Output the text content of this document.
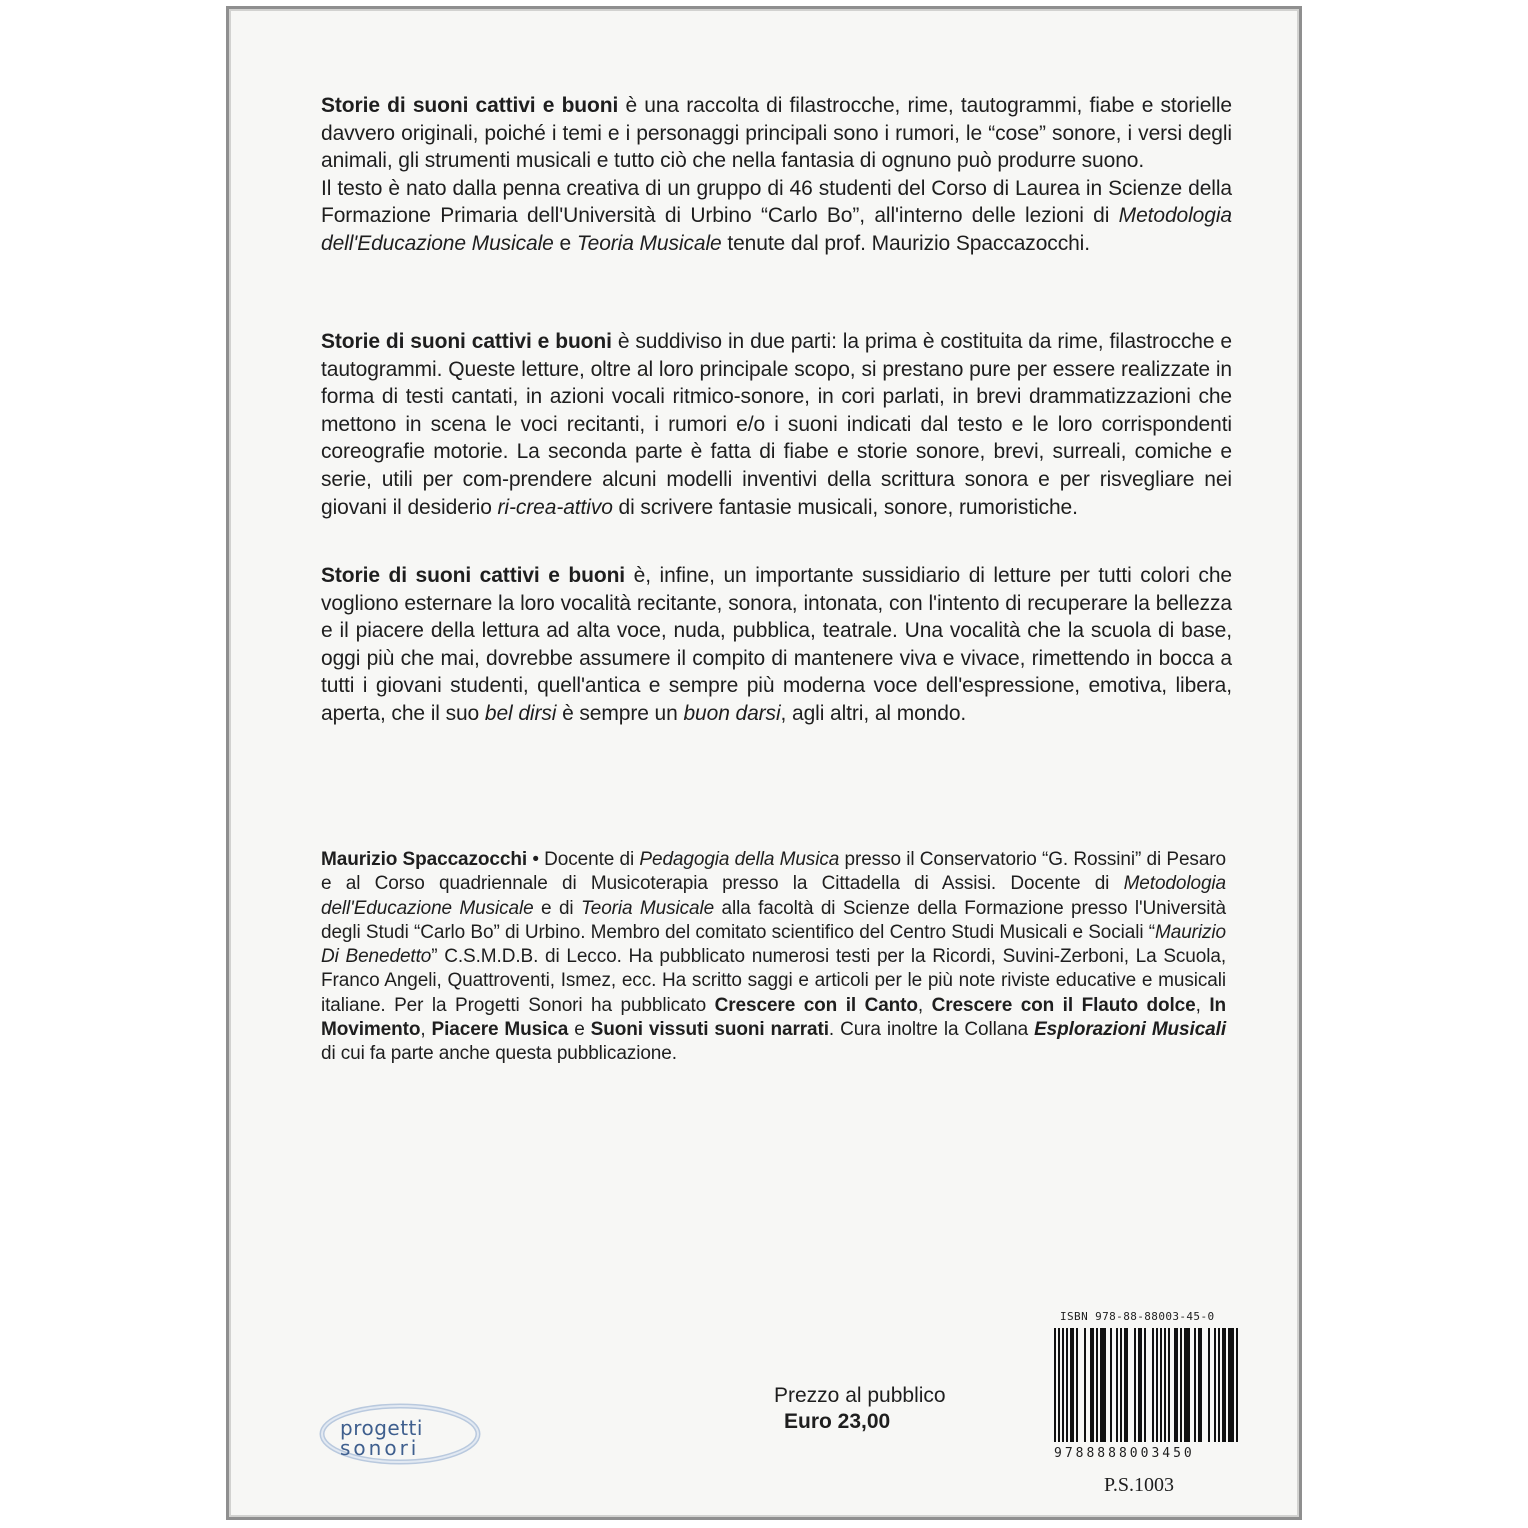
Storie di suoni cattivi e buoni è una raccolta di filastrocche, rime, tautogrammi, fiabe e storielle davvero originali, poiché i temi e i personaggi principali sono i rumori, le “cose” sonore, i versi degli animali, gli strumenti musicali e tutto ciò che nella fantasia di ognuno può produrre suono.
Il testo è nato dalla penna creativa di un gruppo di 46 studenti del Corso di Laurea in Scienze della Formazione Primaria dell'Università di Urbino “Carlo Bo”, all'interno delle lezioni di Metodologia dell'Educazione Musicale e Teoria Musicale tenute dal prof. Maurizio Spaccazocchi.

Storie di suoni cattivi e buoni è suddiviso in due parti: la prima è costituita da rime, filastrocche e tautogrammi. Queste letture, oltre al loro principale scopo, si prestano pure per essere realizzate in forma di testi cantati, in azioni vocali ritmico-sonore, in cori parlati, in brevi drammatizzazioni che mettono in scena le voci recitanti, i rumori e/o i suoni indicati dal testo e le loro corrispondenti coreografie motorie. La seconda parte è fatta di fiabe e storie sonore, brevi, surreali, comiche e serie, utili per com-prendere alcuni modelli inventivi della scrittura sonora e per risvegliare nei giovani il desiderio ri-crea-attivo di scrivere fantasie musicali, sonore, rumoristiche.

Storie di suoni cattivi e buoni è, infine, un importante sussidiario di letture per tutti colori che vogliono esternare la loro vocalità recitante, sonora, intonata, con l'intento di recuperare la bellezza e il piacere della lettura ad alta voce, nuda, pubblica, teatrale. Una vocalità che la scuola di base, oggi più che mai, dovrebbe assumere il compito di mantenere viva e vivace, rimettendo in bocca a tutti i giovani studenti, quell'antica e sempre più moderna voce dell'espressione, emotiva, libera, aperta, che il suo bel dirsi è sempre un buon darsi, agli altri, al mondo.

Maurizio Spaccazocchi • Docente di Pedagogia della Musica presso il Conservatorio “G. Rossini” di Pesaro e al Corso quadriennale di Musicoterapia presso la Cittadella di Assisi. Docente di Metodologia dell'Educazione Musicale e di Teoria Musicale alla facoltà di Scienze della Formazione presso l'Università degli Studi “Carlo Bo” di Urbino. Membro del comitato scientifico del Centro Studi Musicali e Sociali “Maurizio Di Benedetto” C.S.M.D.B. di Lecco. Ha pubblicato numerosi testi per la Ricordi, Suvini-Zerboni, La Scuola, Franco Angeli, Quattroventi, Ismez, ecc. Ha scritto saggi e articoli per le più note riviste educative e musicali italiane. Per la Progetti Sonori ha pubblicato Crescere con il Canto, Crescere con il Flauto dolce, In Movimento, Piacere Musica e Suoni vissuti suoni narrati. Cura inoltre la Collana Esplorazioni Musicali di cui fa parte anche questa pubblicazione.

progetti
sonori
Prezzo al pubblico
Euro 23,00
ISBN 978-88-88003-45-0
9788888003450
P.S.1003
